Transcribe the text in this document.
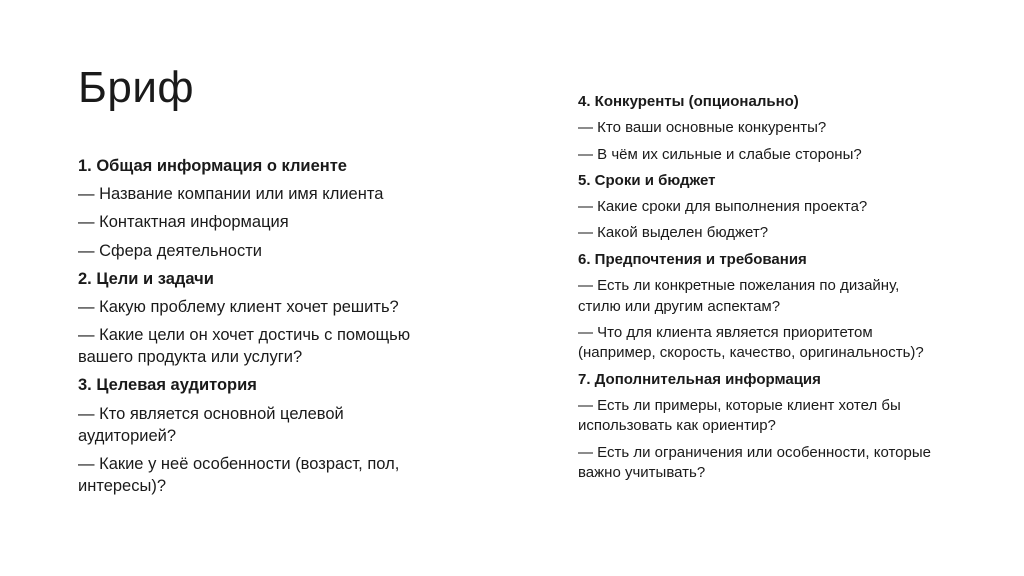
Бриф

1. Общая информация о клиенте

— Название компании или имя клиента

— Контактная информация

— Сфера деятельности

2. Цели и задачи

— Какую проблему клиент хочет решить?

— Какие цели он хочет достичь с помощью вашего продукта или услуги?

3. Целевая аудитория

— Кто является основной целевой аудиторией?

— Какие у неё особенности (возраст, пол, интересы)?

4. Конкуренты (опционально)

— Кто ваши основные конкуренты?

— В чём их сильные и слабые стороны?

5. Сроки и бюджет

— Какие сроки для выполнения проекта?

— Какой выделен бюджет?

6. Предпочтения и требования

— Есть ли конкретные пожелания по дизайну, стилю или другим аспектам?

— Что для клиента является приоритетом (например, скорость, качество, оригинальность)?

7. Дополнительная информация

— Есть ли примеры, которые клиент хотел бы использовать как ориентир?

— Есть ли ограничения или особенности, которые важно учитывать?
